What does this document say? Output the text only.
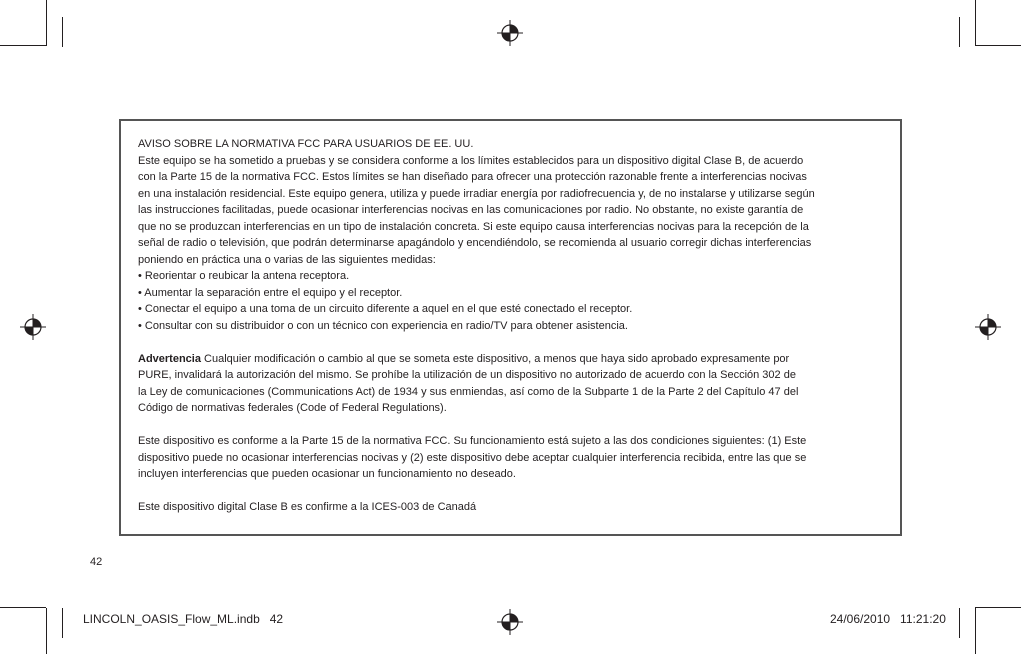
AVISO SOBRE LA NORMATIVA FCC PARA USUARIOS DE EE. UU.

Este equipo se ha sometido a pruebas y se considera conforme a los límites establecidos para un dispositivo digital Clase B, de acuerdo

con la Parte 15 de la normativa FCC. Estos límites se han diseñado para ofrecer una protección razonable frente a interferencias nocivas

en una instalación residencial. Este equipo genera, utiliza y puede irradiar energía por radiofrecuencia y, de no instalarse y utilizarse según

las instrucciones facilitadas, puede ocasionar interferencias nocivas en las comunicaciones por radio. No obstante, no existe garantía de

que no se produzcan interferencias en un tipo de instalación concreta. Si este equipo causa interferencias nocivas para la recepción de la

señal de radio o televisión, que podrán determinarse apagándolo y encendiéndolo, se recomienda al usuario corregir dichas interferencias

poniendo en práctica una o varias de las siguientes medidas:

• Reorientar o reubicar la antena receptora.

• Aumentar la separación entre el equipo y el receptor.

• Conectar el equipo a una toma de un circuito diferente a aquel en el que esté conectado el receptor.

• Consultar con su distribuidor o con un técnico con experiencia en radio/TV para obtener asistencia.

Advertencia Cualquier modificación o cambio al que se someta este dispositivo, a menos que haya sido aprobado expresamente por

PURE, invalidará la autorización del mismo. Se prohíbe la utilización de un dispositivo no autorizado de acuerdo con la Sección 302 de

la Ley de comunicaciones (Communications Act) de 1934 y sus enmiendas, así como de la Subparte 1 de la Parte 2 del Capítulo 47 del

Código de normativas federales (Code of Federal Regulations).

Este dispositivo es conforme a la Parte 15 de la normativa FCC. Su funcionamiento está sujeto a las dos condiciones siguientes: (1) Este

dispositivo puede no ocasionar interferencias nocivas y (2) este dispositivo debe aceptar cualquier interferencia recibida, entre las que se

incluyen interferencias que pueden ocasionar un funcionamiento no deseado.

Este dispositivo digital Clase B es confirme a la ICES-003 de Canadá

42
LINCOLN_OASIS_Flow_ML.indb   42	24/06/2010   11:21:20
